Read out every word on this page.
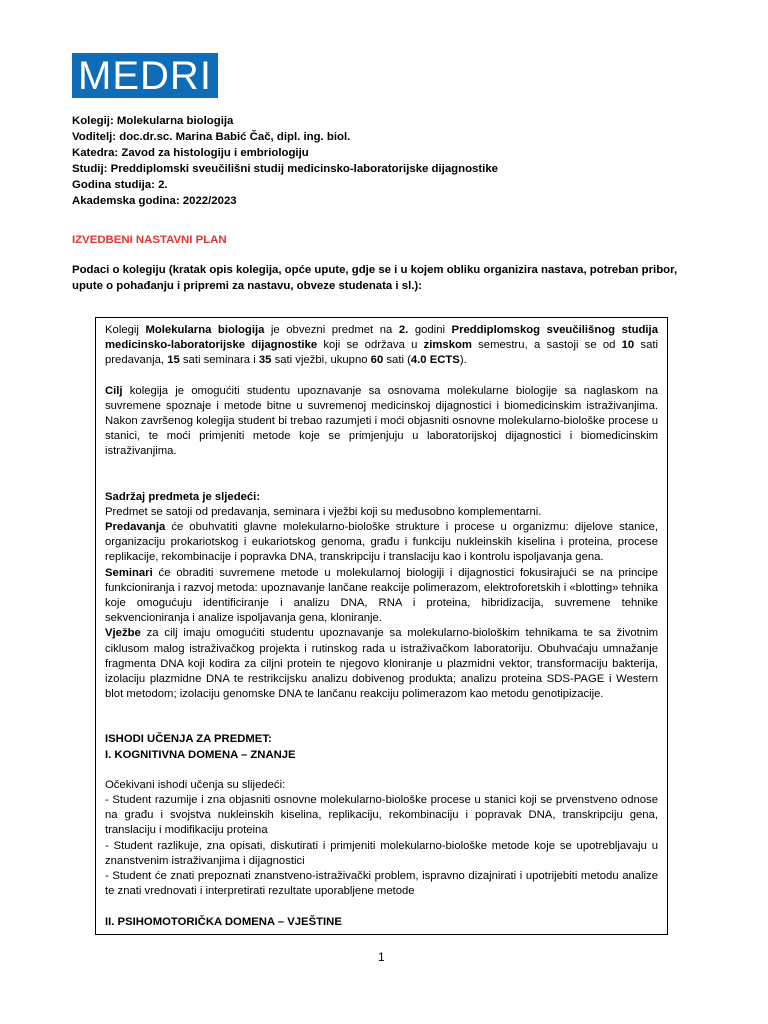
MEDRI
Kolegij: Molekularna biologija
Voditelj: doc.dr.sc. Marina Babić Čač, dipl. ing. biol.
Katedra: Zavod za histologiju i embriologiju
Studij: Preddiplomski sveučilišni studij medicinsko-laboratorijske dijagnostike
Godina studija: 2.
Akademska godina: 2022/2023
IZVEDBENI NASTAVNI PLAN
Podaci o kolegiju (kratak opis kolegija, opće upute, gdje se i u kojem obliku organizira nastava, potreban pribor, upute o pohađanju i pripremi za nastavu, obveze studenata i sl.):

Kolegij Molekularna biologija je obvezni predmet na 2. godini Preddiplomskog sveučilišnog studija medicinsko-laboratorijske dijagnostike koji se održava u zimskom semestru, a sastoji se od 10 sati predavanja, 15 sati seminara i 35 sati vježbi, ukupno 60 sati (4.0 ECTS).

Cilj kolegija je omogućiti studentu upoznavanje sa osnovama molekularne biologije sa naglaskom na suvremene spoznaje i metode bitne u suvremenoj medicinskoj dijagnostici i biomedicinskim istraživanjima. Nakon završenog kolegija student bi trebao razumjeti i moći objasniti osnovne molekularno-biološke procese u stanici, te moći primjeniti metode koje se primjenjuju u laboratorijskoj dijagnostici i biomedicinskim istraživanjima.

Sadržaj predmeta je sljedeći:

Predmet se satoji od predavanja, seminara i vježbi koji su međusobno komplementarni.

Predavanja će obuhvatiti glavne molekularno-biološke strukture i procese u organizmu: dijelove stanice, organizaciju prokariotskog i eukariotskog genoma, građu i funkciju nukleinskih kiselina i proteina, procese replikacije, rekombinacije i popravka DNA, transkripciju i translaciju kao i kontrolu ispoljavanja gena.

Seminari će obraditi suvremene metode u molekularnoj biologiji i dijagnostici fokusirajući se na principe funkcioniranja i razvoj metoda: upoznavanje lančane reakcije polimerazom, elektroforetskih i «blotting» tehnika koje omogućuju identificiranje i analizu DNA, RNA i proteina, hibridizacija, suvremene tehnike sekvencioniranja i analize ispoljavanja gena, kloniranje.

Vježbe za cilj imaju omogućiti studentu upoznavanje sa molekularno-biološkim tehnikama te sa životnim ciklusom malog istraživačkog projekta i rutinskog rada u istraživačkom laboratoriju. Obuhvaćaju umnažanje fragmenta DNA koji kodira za ciljni protein te njegovo kloniranje u plazmidni vektor, transformaciju bakterija, izolaciju plazmidne DNA te restrikcijsku analizu dobivenog produkta; analizu proteina SDS-PAGE i Western blot metodom; izolaciju genomske DNA te lančanu reakciju polimerazom kao metodu genotipizacije.

ISHODI UČENJA ZA PREDMET:

I. KOGNITIVNA DOMENA – ZNANJE

Očekivani ishodi učenja su slijedeći:

- Student razumije i zna objasniti osnovne molekularno-biološke procese u stanici koji se prvenstveno odnose na građu i svojstva nukleinskih kiselina, replikaciju, rekombinaciju i popravak DNA, transkripciju gena, translaciju i modifikaciju proteina

- Student razlikuje, zna opisati, diskutirati i primjeniti molekularno-biološke metode koje se upotrebljavaju u znanstvenim istraživanjima i dijagnostici

- Student će znati prepoznati znanstveno-istraživački problem, ispravno dizajnirati i upotrijebiti metodu analize te znati vrednovati i interpretirati rezultate uporabljene metode

II. PSIHOMOTORIČKA DOMENA – VJEŠTINE

1
